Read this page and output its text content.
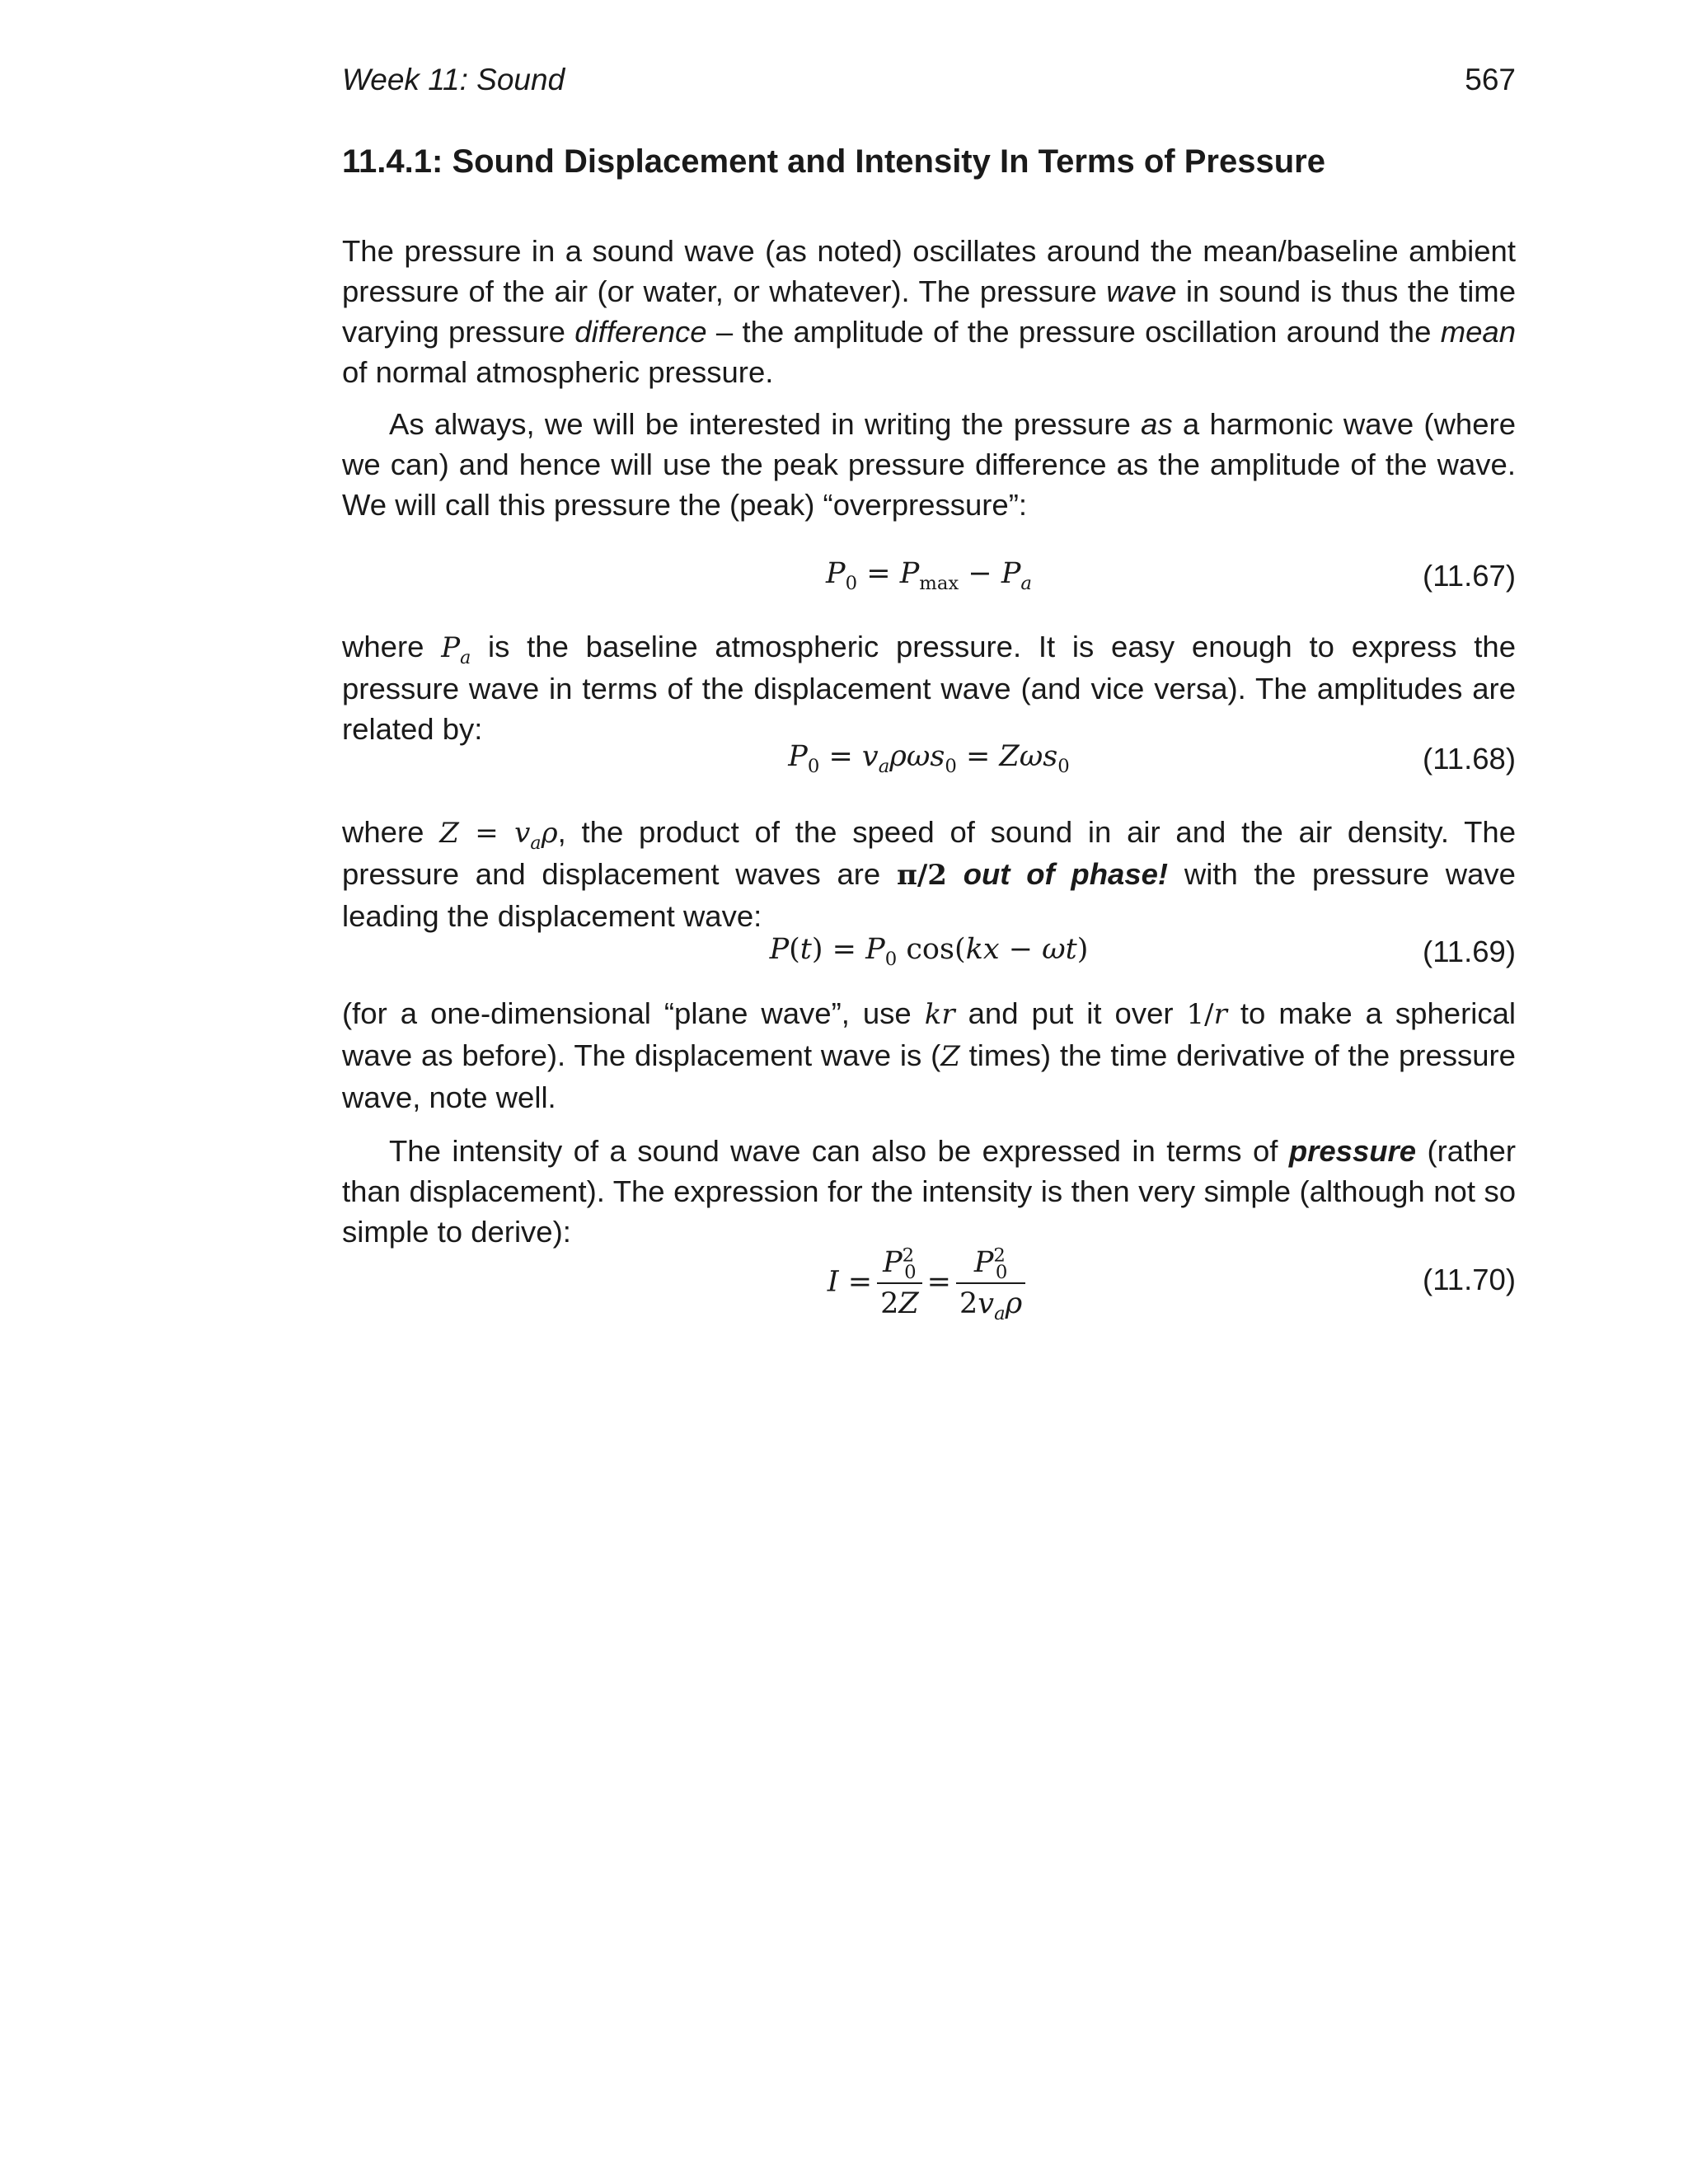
Week 11: Sound	567
11.4.1: Sound Displacement and Intensity In Terms of Pressure

The pressure in a sound wave (as noted) oscillates around the mean/baseline ambient pressure of the air (or water, or whatever). The pressure wave in sound is thus the time varying pressure difference – the amplitude of the pressure oscillation around the mean of normal atmospheric pressure.

As always, we will be interested in writing the pressure as a harmonic wave (where we can) and hence will use the peak pressure difference as the amplitude of the wave. We will call this pressure the (peak) “overpressure”:

$P_0 = P_{max} - P_a$	(11.67)

where $P_a$ is the baseline atmospheric pressure. It is easy enough to express the pressure wave in terms of the displacement wave (and vice versa). The amplitudes are related by:

$P_0 = v_a\rho\omega s_0 = Z\omega s_0$	(11.68)

where $Z = v_a\rho$, the product of the speed of sound in air and the air density. The pressure and displacement waves are π/2 out of phase! with the pressure wave leading the displacement wave:

$P(t) = P_0$ cos(kx − ωt)	(11.69)

(for a one-dimensional “plane wave”, use kr and put it over 1/r to make a spherical wave as before). The displacement wave is (Z times) the time derivative of the pressure wave, note well.

The intensity of a sound wave can also be expressed in terms of pressure (rather than displacement). The expression for the intensity is then very simple (although not so simple to derive):

$I = \frac{P^2_0}{2Z} = \frac{P^2_0}{2v_a\rho}$	(11.70)
